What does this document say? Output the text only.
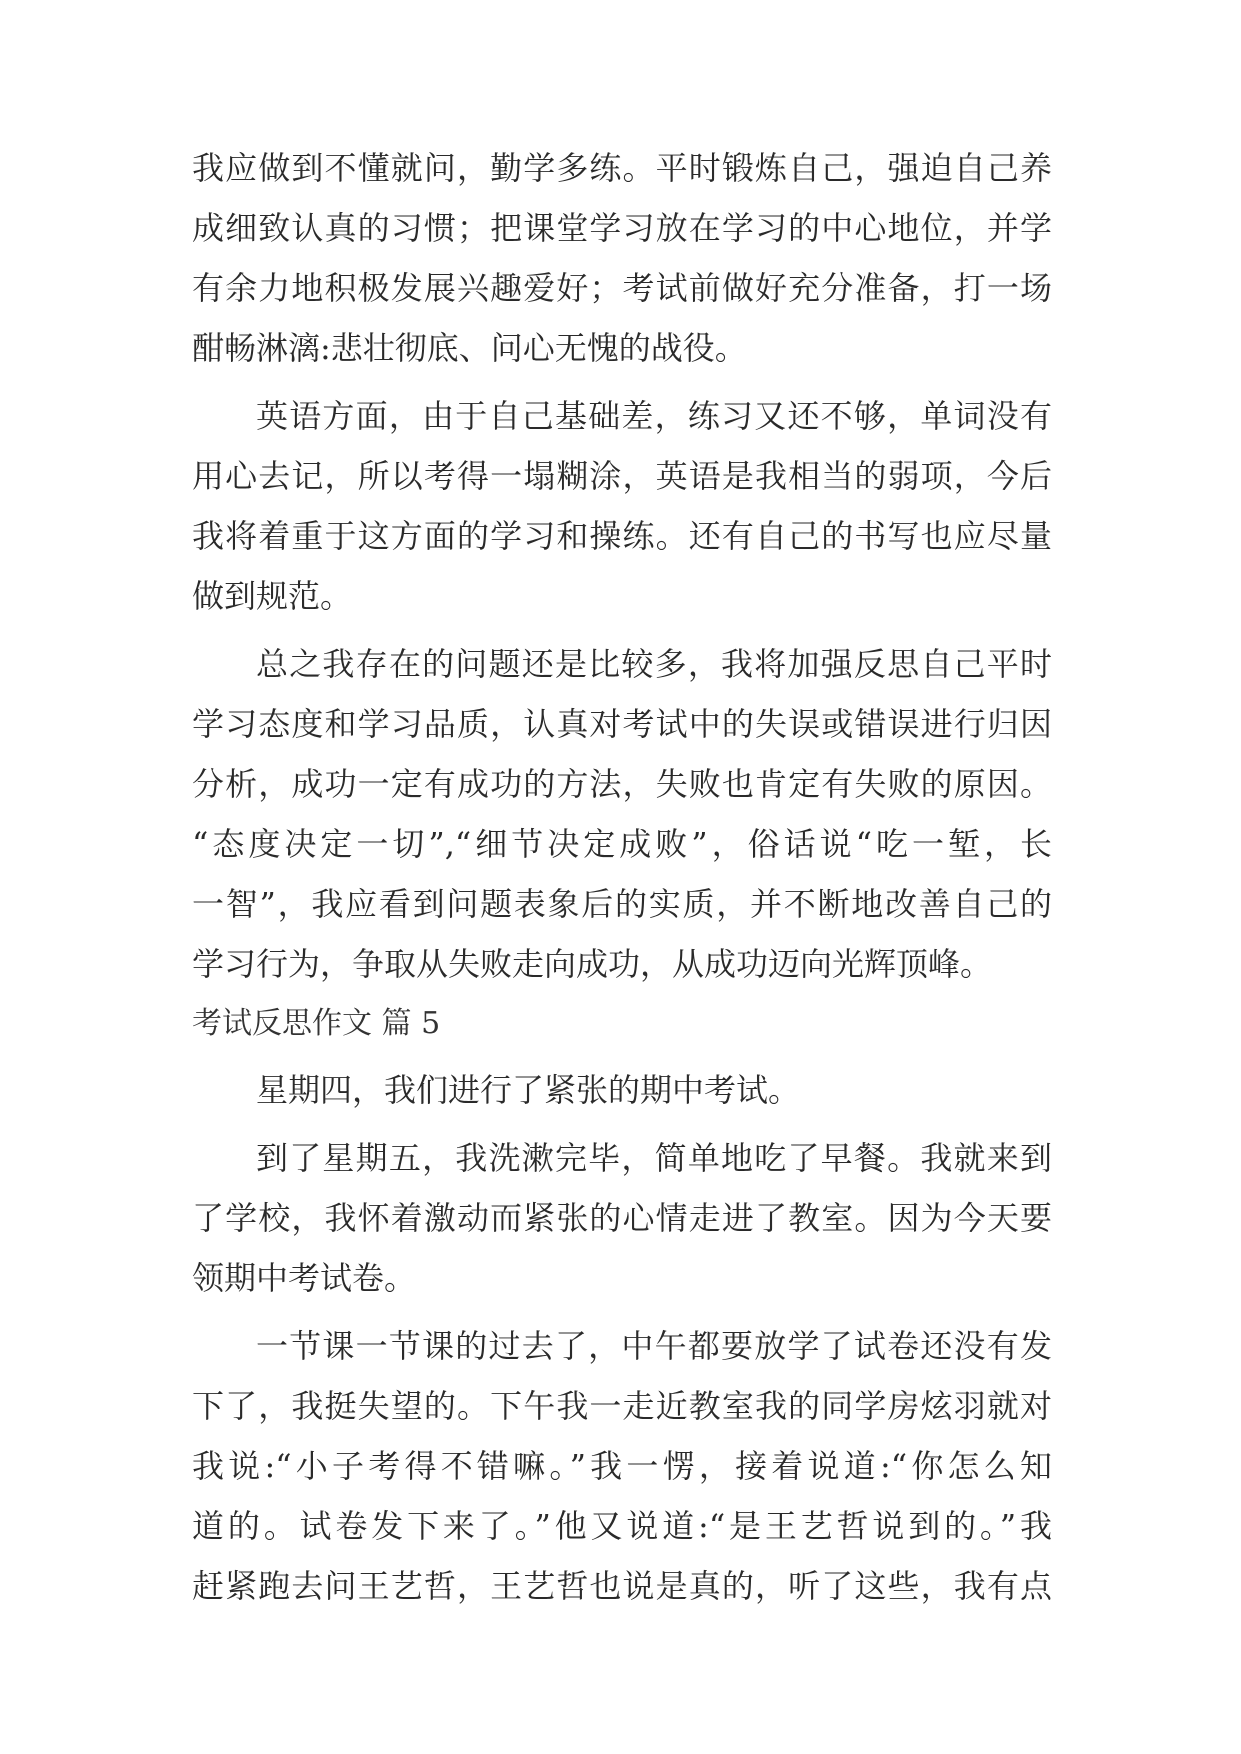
我应做到不懂就问，勤学多练。平时锻炼自己，强迫自己养
成细致认真的习惯；把课堂学习放在学习的中心地位，并学
有余力地积极发展兴趣爱好；考试前做好充分准备，打一场
酣畅淋漓:悲壮彻底、问心无愧的战役。
英语方面，由于自己基础差，练习又还不够，单词没有
用心去记，所以考得一塌糊涂，英语是我相当的弱项，今后
我将着重于这方面的学习和操练。还有自己的书写也应尽量
做到规范。
总之我存在的问题还是比较多，我将加强反思自己平时
学习态度和学习品质，认真对考试中的失误或错误进行归因
分析，成功一定有成功的方法，失败也肯定有失败的原因。
“态度决定一切”,“细节决定成败”，俗话说“吃一堑，长
一智”，我应看到问题表象后的实质，并不断地改善自己的
学习行为，争取从失败走向成功，从成功迈向光辉顶峰。
考试反思作文 篇 5
星期四，我们进行了紧张的期中考试。
到了星期五，我洗漱完毕，简单地吃了早餐。我就来到
了学校，我怀着激动而紧张的心情走进了教室。因为今天要
领期中考试卷。
一节课一节课的过去了，中午都要放学了试卷还没有发
下了，我挺失望的。下午我一走近教室我的同学房炫羽就对
我说:“小子考得不错嘛。”我一愣，接着说道:“你怎么知
道的。试卷发下来了。”他又说道:“是王艺哲说到的。”我
赶紧跑去问王艺哲，王艺哲也说是真的，听了这些，我有点
